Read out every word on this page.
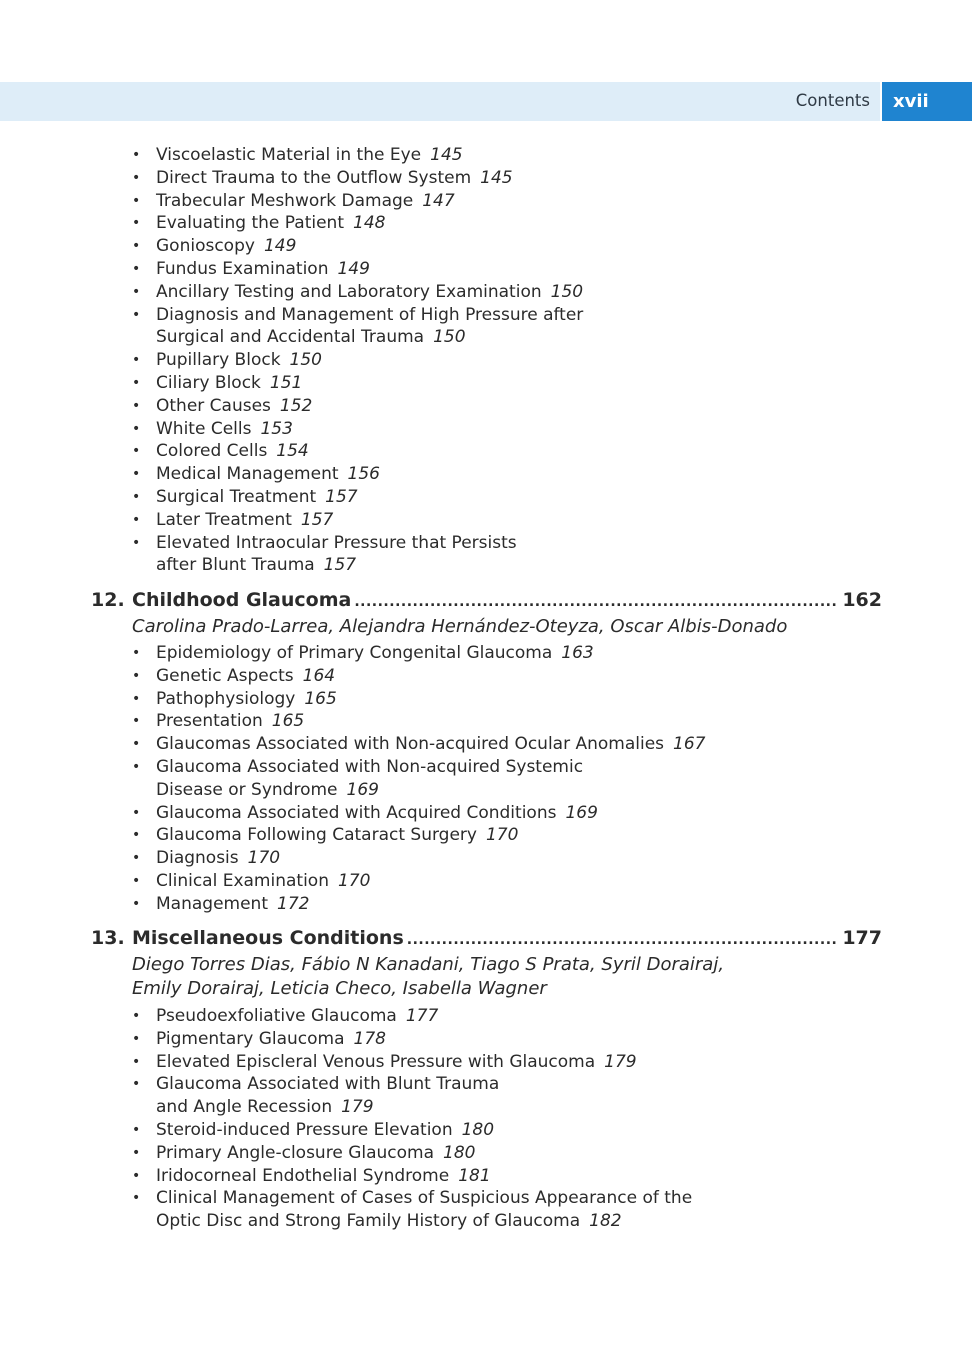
Contents	xvii
• Viscoelastic Material in the Eye 145
• Direct Trauma to the Outflow System 145
• Trabecular Meshwork Damage 147
• Evaluating the Patient 148
• Gonioscopy 149
• Fundus Examination 149
• Ancillary Testing and Laboratory Examination 150
• Diagnosis and Management of High Pressure after
Surgical and Accidental Trauma 150
• Pupillary Block 150
• Ciliary Block 151
• Other Causes 152
• White Cells 153
• Colored Cells 154
• Medical Management 156
• Surgical Treatment 157
• Later Treatment 157
• Elevated Intraocular Pressure that Persists
after Blunt Trauma 157
12. Childhood Glaucoma .....	162
Carolina Prado-Larrea, Alejandra Hernández-Oteyza, Oscar Albis-Donado
• Epidemiology of Primary Congenital Glaucoma 163
• Genetic Aspects 164
• Pathophysiology 165
• Presentation 165
• Glaucomas Associated with Non-acquired Ocular Anomalies 167
• Glaucoma Associated with Non-acquired Systemic
Disease or Syndrome 169
• Glaucoma Associated with Acquired Conditions 169
• Glaucoma Following Cataract Surgery 170
• Diagnosis 170
• Clinical Examination 170
• Management 172
13. Miscellaneous Conditions .....	177
Diego Torres Dias, Fábio N Kanadani, Tiago S Prata, Syril Dorairaj,
Emily Dorairaj, Leticia Checo, Isabella Wagner
• Pseudoexfoliative Glaucoma 177
• Pigmentary Glaucoma 178
• Elevated Episcleral Venous Pressure with Glaucoma 179
• Glaucoma Associated with Blunt Trauma
and Angle Recession 179
• Steroid-induced Pressure Elevation 180
• Primary Angle-closure Glaucoma 180
• Iridocorneal Endothelial Syndrome 181
• Clinical Management of Cases of Suspicious Appearance of the
Optic Disc and Strong Family History of Glaucoma 182
